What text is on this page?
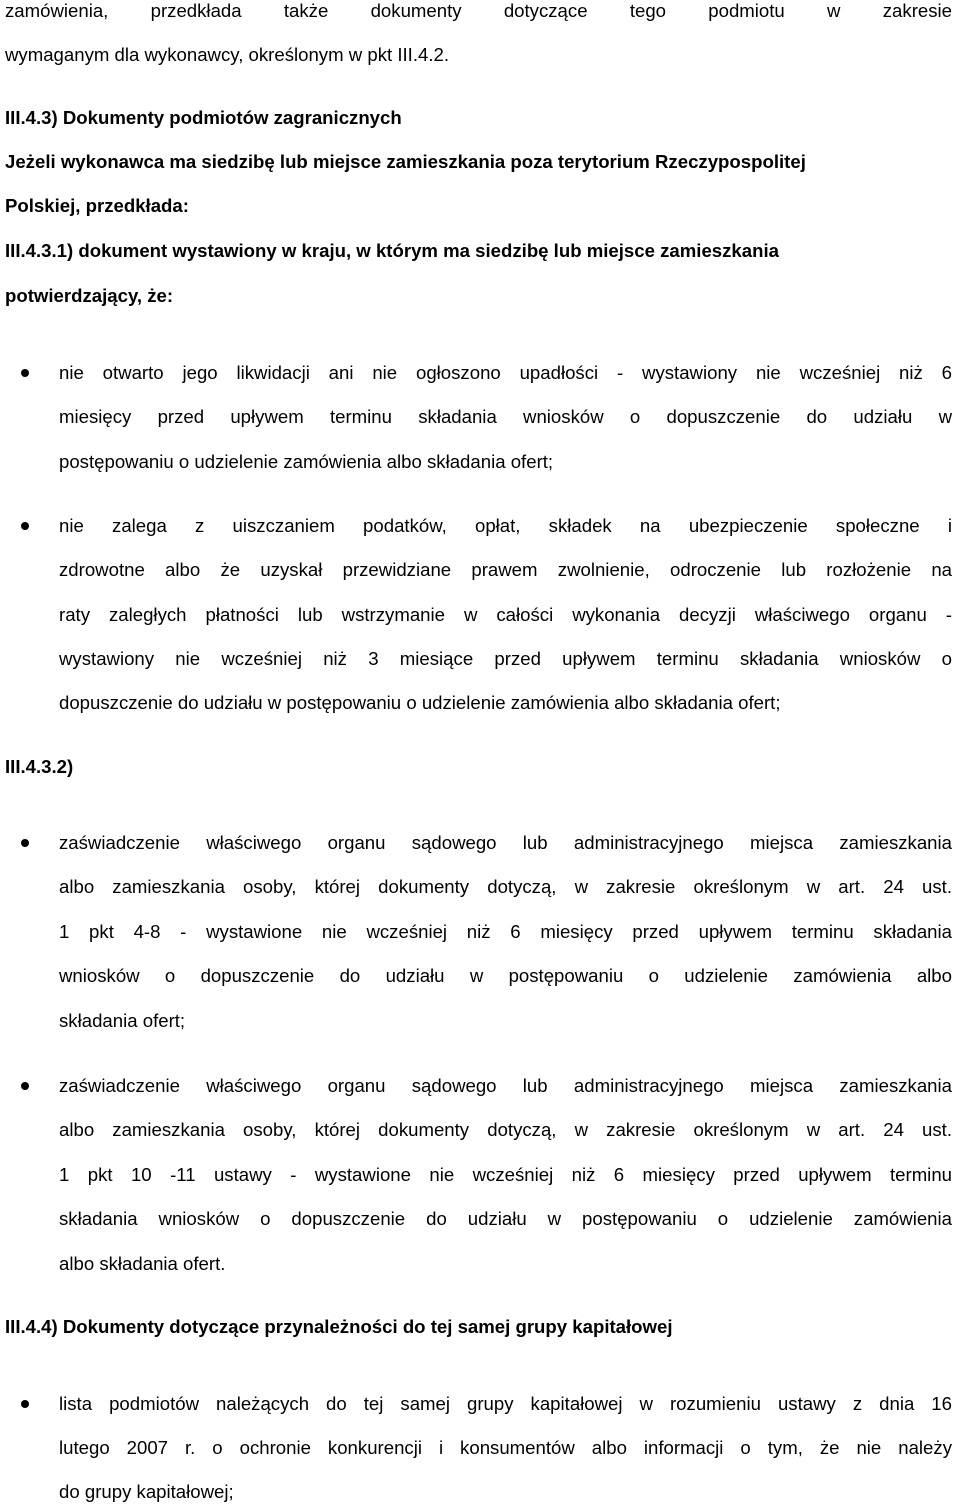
zamówienia, przedkłada także dokumenty dotyczące tego podmiotu w zakresie
wymaganym dla wykonawcy, określonym w pkt III.4.2.
III.4.3) Dokumenty podmiotów zagranicznych
Jeżeli wykonawca ma siedzibę lub miejsce zamieszkania poza terytorium Rzeczypospolitej
Polskiej, przedkłada:
III.4.3.1) dokument wystawiony w kraju, w którym ma siedzibę lub miejsce zamieszkania
potwierdzający, że:
nie otwarto jego likwidacji ani nie ogłoszono upadłości - wystawiony nie wcześniej niż 6
miesięcy przed upływem terminu składania wniosków o dopuszczenie do udziału w
postępowaniu o udzielenie zamówienia albo składania ofert;
nie zalega z uiszczaniem podatków, opłat, składek na ubezpieczenie społeczne i
zdrowotne albo że uzyskał przewidziane prawem zwolnienie, odroczenie lub rozłożenie na
raty zaległych płatności lub wstrzymanie w całości wykonania decyzji właściwego organu -
wystawiony nie wcześniej niż 3 miesiące przed upływem terminu składania wniosków o
dopuszczenie do udziału w postępowaniu o udzielenie zamówienia albo składania ofert;
III.4.3.2)
zaświadczenie właściwego organu sądowego lub administracyjnego miejsca zamieszkania
albo zamieszkania osoby, której dokumenty dotyczą, w zakresie określonym w art. 24 ust.
1 pkt 4-8 - wystawione nie wcześniej niż 6 miesięcy przed upływem terminu składania
wniosków o dopuszczenie do udziału w postępowaniu o udzielenie zamówienia albo
składania ofert;
zaświadczenie właściwego organu sądowego lub administracyjnego miejsca zamieszkania
albo zamieszkania osoby, której dokumenty dotyczą, w zakresie określonym w art. 24 ust.
1 pkt 10 -11 ustawy - wystawione nie wcześniej niż 6 miesięcy przed upływem terminu
składania wniosków o dopuszczenie do udziału w postępowaniu o udzielenie zamówienia
albo składania ofert.
III.4.4) Dokumenty dotyczące przynależności do tej samej grupy kapitałowej
lista podmiotów należących do tej samej grupy kapitałowej w rozumieniu ustawy z dnia 16
lutego 2007 r. o ochronie konkurencji i konsumentów albo informacji o tym, że nie należy
do grupy kapitałowej;
